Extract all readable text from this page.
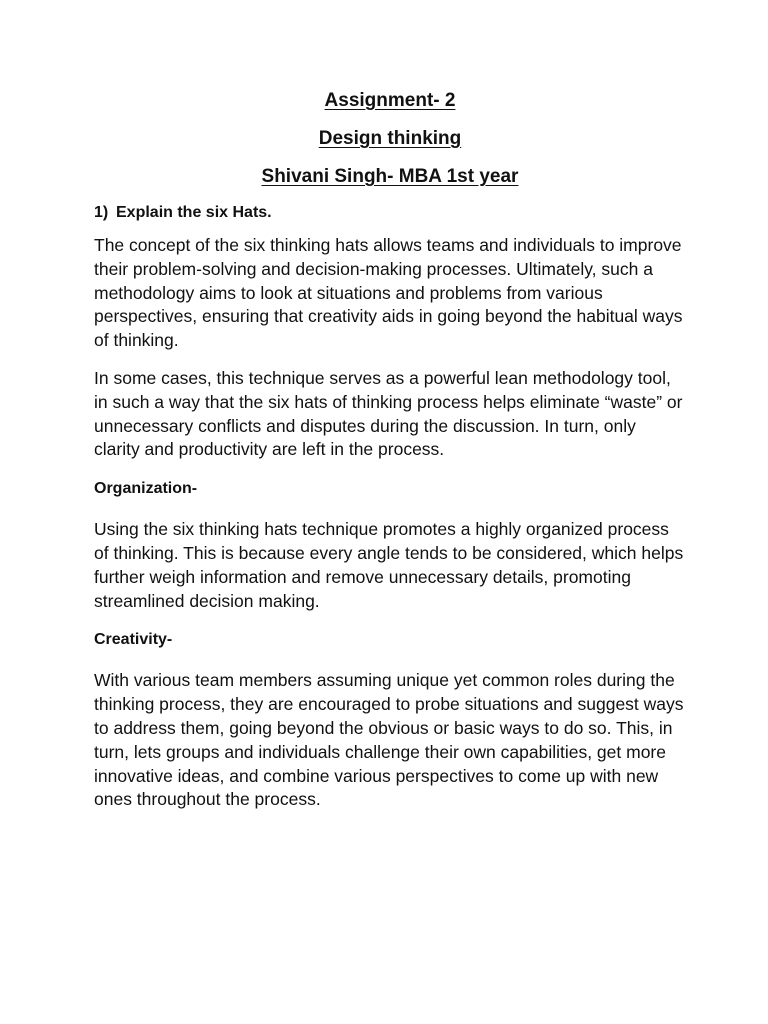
Assignment- 2
Design thinking
Shivani Singh- MBA 1st year
1) Explain the six Hats.

The concept of the six thinking hats allows teams and individuals to improve their problem-solving and decision-making processes. Ultimately, such a methodology aims to look at situations and problems from various perspectives, ensuring that creativity aids in going beyond the habitual ways of thinking.

In some cases, this technique serves as a powerful lean methodology tool, in such a way that the six hats of thinking process helps eliminate “waste” or unnecessary conflicts and disputes during the discussion. In turn, only clarity and productivity are left in the process.

Organization-

Using the six thinking hats technique promotes a highly organized process of thinking. This is because every angle tends to be considered, which helps further weigh information and remove unnecessary details, promoting streamlined decision making.

Creativity-

With various team members assuming unique yet common roles during the thinking process, they are encouraged to probe situations and suggest ways to address them, going beyond the obvious or basic ways to do so. This, in turn, lets groups and individuals challenge their own capabilities, get more innovative ideas, and combine various perspectives to come up with new ones throughout the process.
